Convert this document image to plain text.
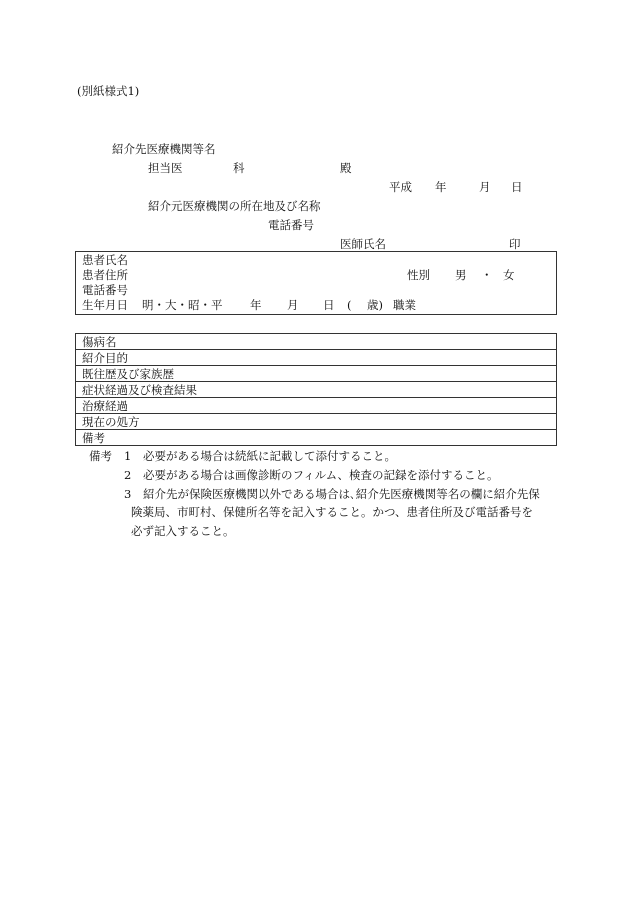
(別紙様式1)
紹介先医療機関等名
担当医	科	殿
平成 年	月 日
紹介元医療機関の所在地及び名称
電話番号
医師氏名	印
患者氏名
患者住所	性別 男 ・ 女
電話番号
生年月日 明・大・昭・平 年 月 日 ( 歳) 職業
傷病名
紹介目的
既往歴及び家族歴
症状経過及び検査結果
治療経過
現在の処方
備考
備考 1 必要がある場合は続紙に記載して添付すること。
2 必要がある場合は画像診断のフィルム、検査の記録を添付すること。
3 紹介先が保険医療機関以外である場合は､紹介先医療機関等名の欄に紹介先保
険薬局、市町村、保健所名等を記入すること。かつ、患者住所及び電話番号を
必ず記入すること。
